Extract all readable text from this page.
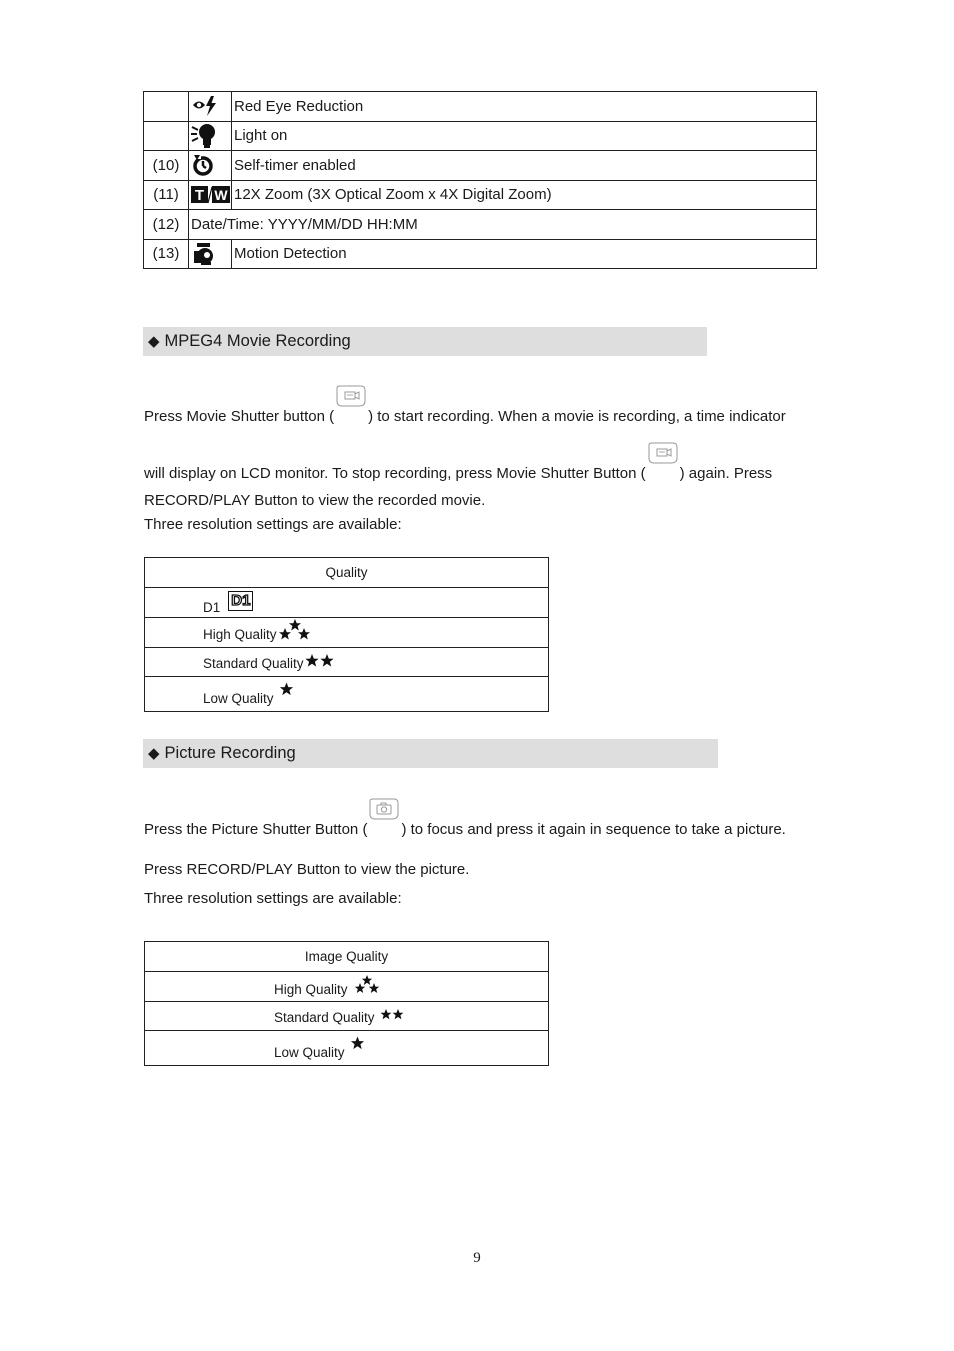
	Red Eye Reduction

	Light on
(10)		Self-timer enabled
(11)	T W	12X Zoom (3X Optical Zoom x 4X Digital Zoom)
(12)	Date/Time: YYYY/MM/DD HH:MM	
(13)		Motion Detection
◆ MPEG4 Movie Recording
Press Movie Shutter button ( ) to start recording. When a movie is recording, a time indicator
will display on LCD monitor. To stop recording, press Movie Shutter Button ( ) again. Press
RECORD/PLAY Button to view the recorded movie.
Three resolution settings are available:
Quality

D1 D1

High Quality

Standard Quality

Low Quality
◆ Picture Recording
Press the Picture Shutter Button ( ) to focus and press it again in sequence to take a picture.
Press RECORD/PLAY Button to view the picture.
Three resolution settings are available:
Image Quality

High Quality

Standard Quality

Low Quality
9
